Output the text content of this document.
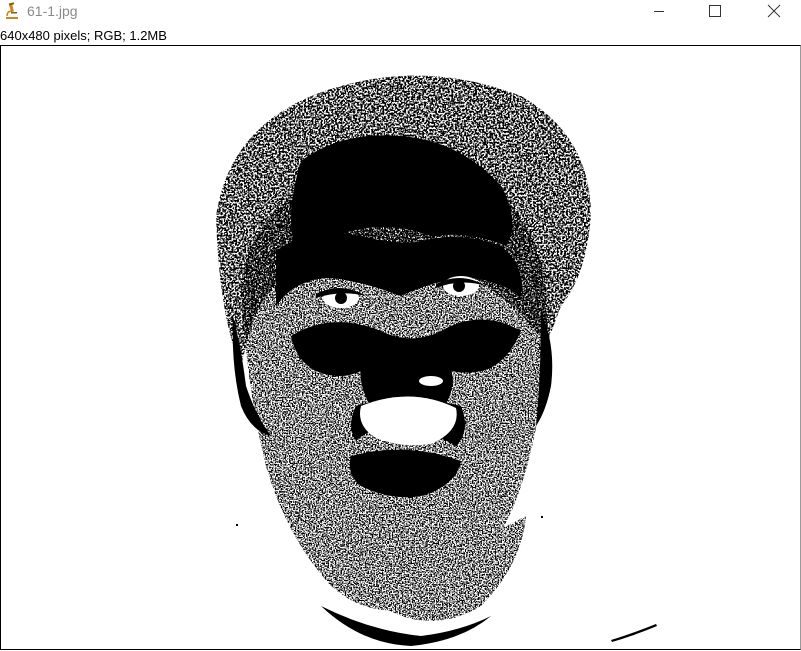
61-1.jpg
640x480 pixels; RGB; 1.2MB
